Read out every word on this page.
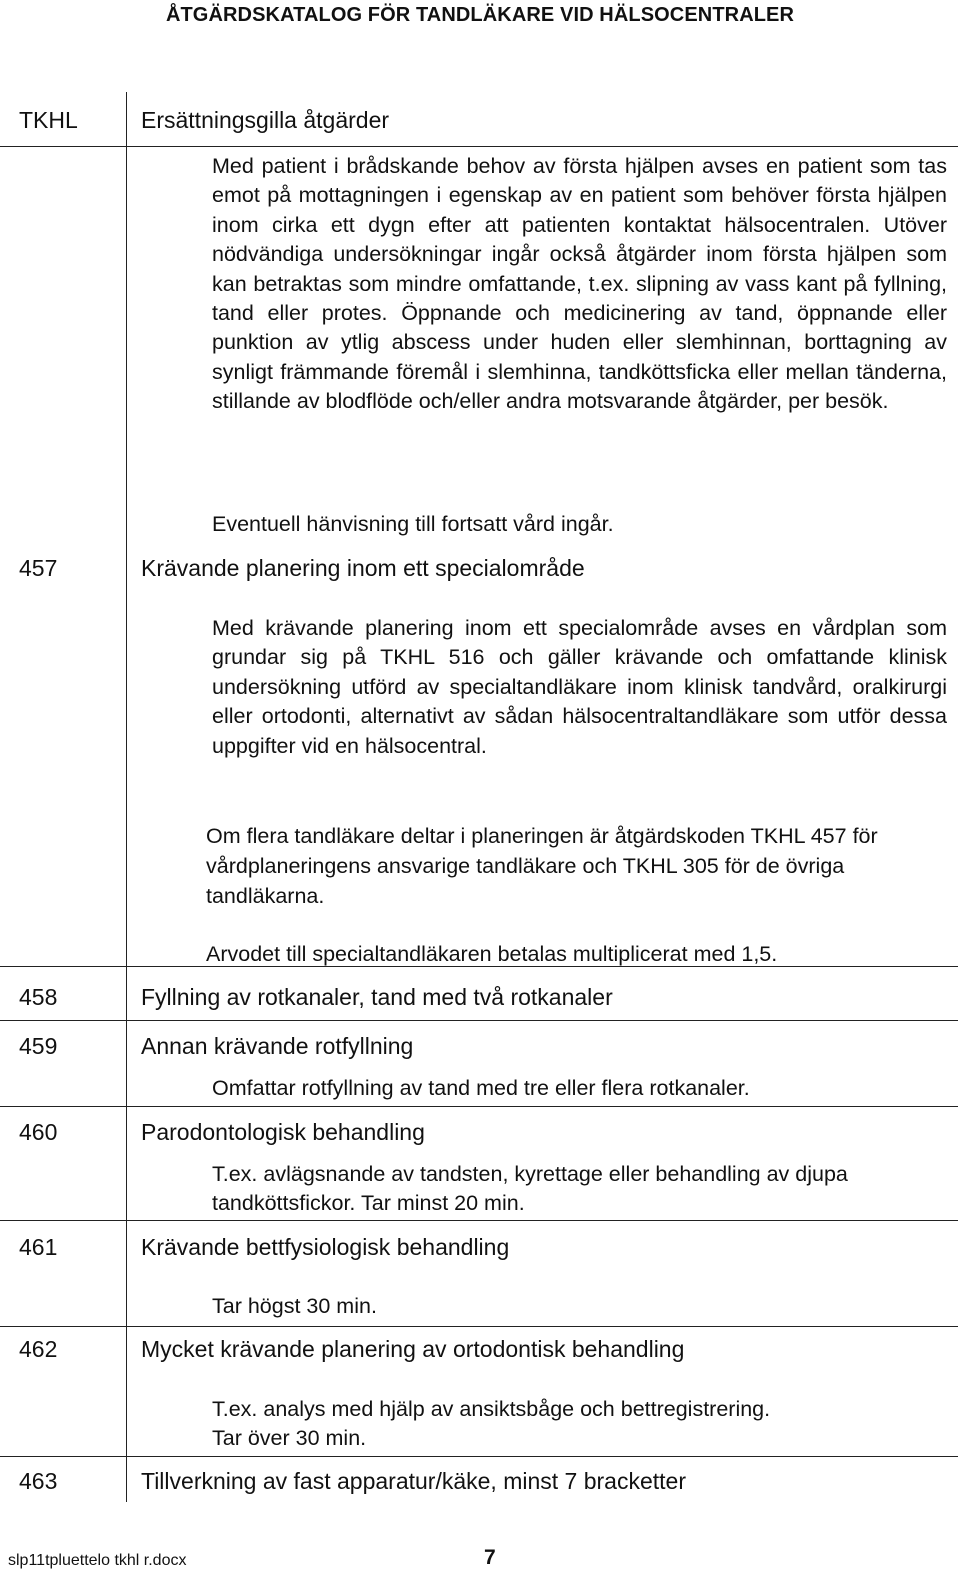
ÅTGÄRDSKATALOG FÖR TANDLÄKARE VID HÄLSOCENTRALER
TKHL	Ersättningsgilla åtgärder
Med patient i brådskande behov av första hjälpen avses en patient som tas emot på mottagningen i egenskap av en patient som behöver första hjälpen inom cirka ett dygn efter att patienten kontaktat hälsocentralen. Utöver nödvändiga undersökningar ingår också åtgärder inom första hjälpen som kan betraktas som mindre omfattande, t.ex. slipning av vass kant på fyllning, tand eller protes. Öppnande och medicinering av tand, öppnande eller punktion av ytlig abscess under huden eller slemhinnan, borttagning av synligt främmande föremål i slemhinna, tandköttsficka eller mellan tänderna, stillande av blodflöde och/eller andra motsvarande åtgärder, per besök.
Eventuell hänvisning till fortsatt vård ingår.
457	Krävande planering inom ett specialområde
Med krävande planering inom ett specialområde avses en vårdplan som grundar sig på TKHL 516 och gäller krävande och omfattande klinisk undersökning utförd av specialtandläkare inom klinisk tandvård, oralkirurgi eller ortodonti, alternativt av sådan hälsocentraltandläkare som utför dessa uppgifter vid en hälsocentral.
Om flera tandläkare deltar i planeringen är åtgärdskoden TKHL 457 för vårdplaneringens ansvarige tandläkare och TKHL 305 för de övriga tandläkarna.
Arvodet till specialtandläkaren betalas multiplicerat med 1,5.
458	Fyllning av rotkanaler, tand med två rotkanaler
459	Annan krävande rotfyllning
Omfattar rotfyllning av tand med tre eller flera rotkanaler.
460	Parodontologisk behandling
T.ex. avlägsnande av tandsten, kyrettage eller behandling av djupa tandköttsfickor. Tar minst 20 min.
461	Krävande bettfysiologisk behandling
Tar högst 30 min.
462	Mycket krävande planering av ortodontisk behandling
T.ex. analys med hjälp av ansiktsbåge och bettregistrering.
Tar över 30 min.
463	Tillverkning av fast apparatur/käke, minst 7 bracketter
slp11tpluettelo tkhl r.docx	7
